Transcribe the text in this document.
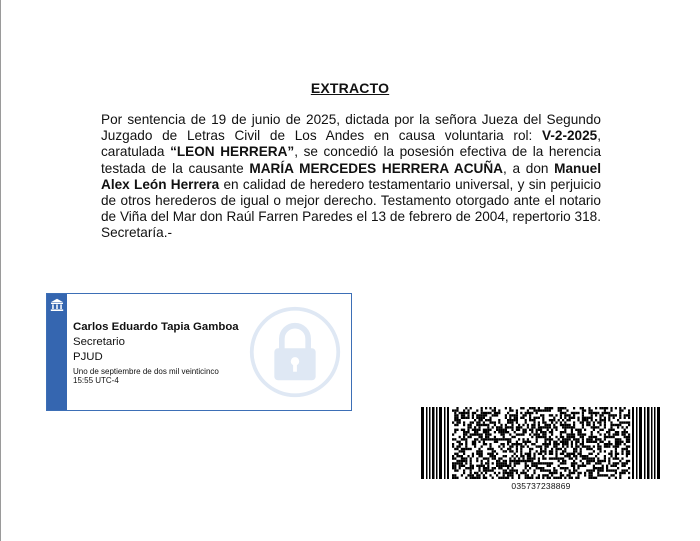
EXTRACTO

Por sentencia de 19 de junio de 2025, dictada por la señora Jueza del Segundo Juzgado de Letras Civil de Los Andes en causa voluntaria rol: V-2-2025, caratulada “LEON HERRERA”, se concedió la posesión efectiva de la herencia testada de la causante MARÍA MERCEDES HERRERA ACUÑA, a don Manuel Alex León Herrera en calidad de heredero testamentario universal, y sin perjuicio de otros herederos de igual o mejor derecho. Testamento otorgado ante el notario de Viña del Mar don Raúl Farren Paredes el 13 de febrero de 2004, repertorio 318. Secretaría.-

Carlos Eduardo Tapia Gamboa
Secretario
PJUD
Uno de septiembre de dos mil veinticinco
15:55 UTC-4
035737238869
